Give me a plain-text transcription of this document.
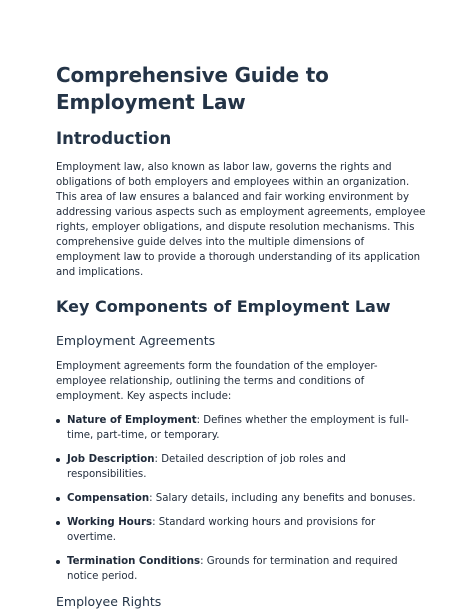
Comprehensive Guide to Employment Law
Introduction

Employment law, also known as labor law, governs the rights and obligations of both employers and employees within an organization. This area of law ensures a balanced and fair working environment by addressing various aspects such as employment agreements, employee rights, employer obligations, and dispute resolution mechanisms. This comprehensive guide delves into the multiple dimensions of employment law to provide a thorough understanding of its application and implications.

Key Components of Employment Law
Employment Agreements

Employment agreements form the foundation of the employer-employee relationship, outlining the terms and conditions of employment. Key aspects include:

Nature of Employment: Defines whether the employment is full-time, part-time, or temporary.
Job Description: Detailed description of job roles and responsibilities.
Compensation: Salary details, including any benefits and bonuses.
Working Hours: Standard working hours and provisions for overtime.
Termination Conditions: Grounds for termination and required notice period.
Employee Rights
